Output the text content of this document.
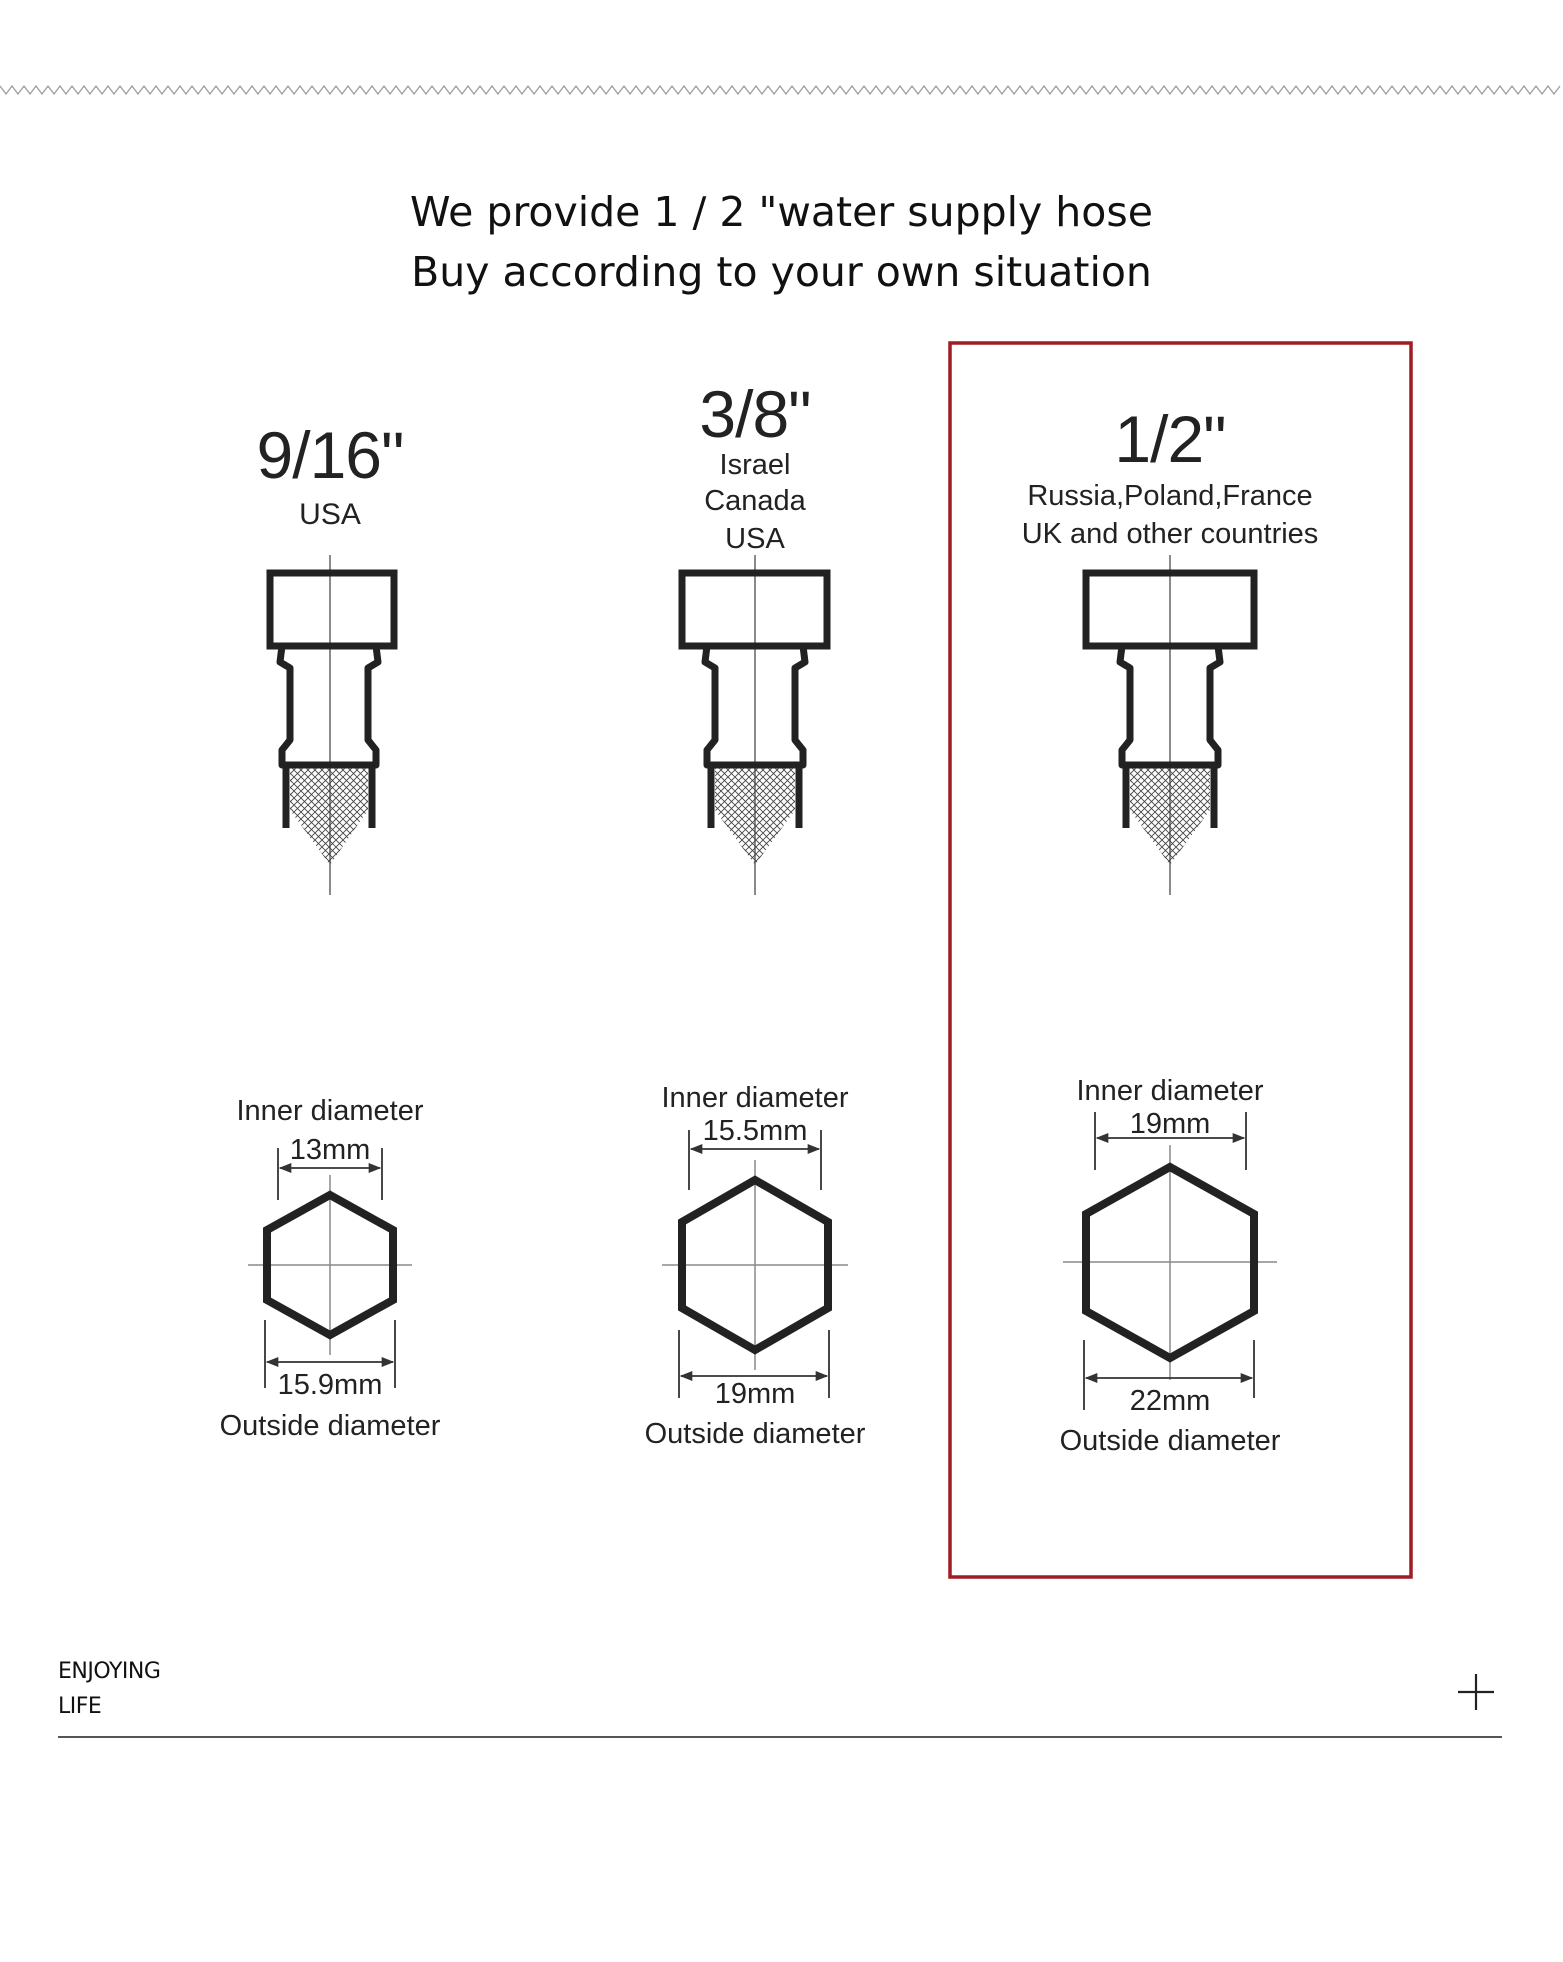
We provide 1 / 2 "water supply hose
Buy according to your own situation
9/16"
USA
Inner diameter
13mm
15.9mm
Outside diameter
3/8"
Israel
Canada
USA
Inner diameter
15.5mm
19mm
Outside diameter
1/2"
Russia,Poland,France
UK and other countries
Inner diameter
19mm
22mm
Outside diameter
ENJOYING
LIFE
